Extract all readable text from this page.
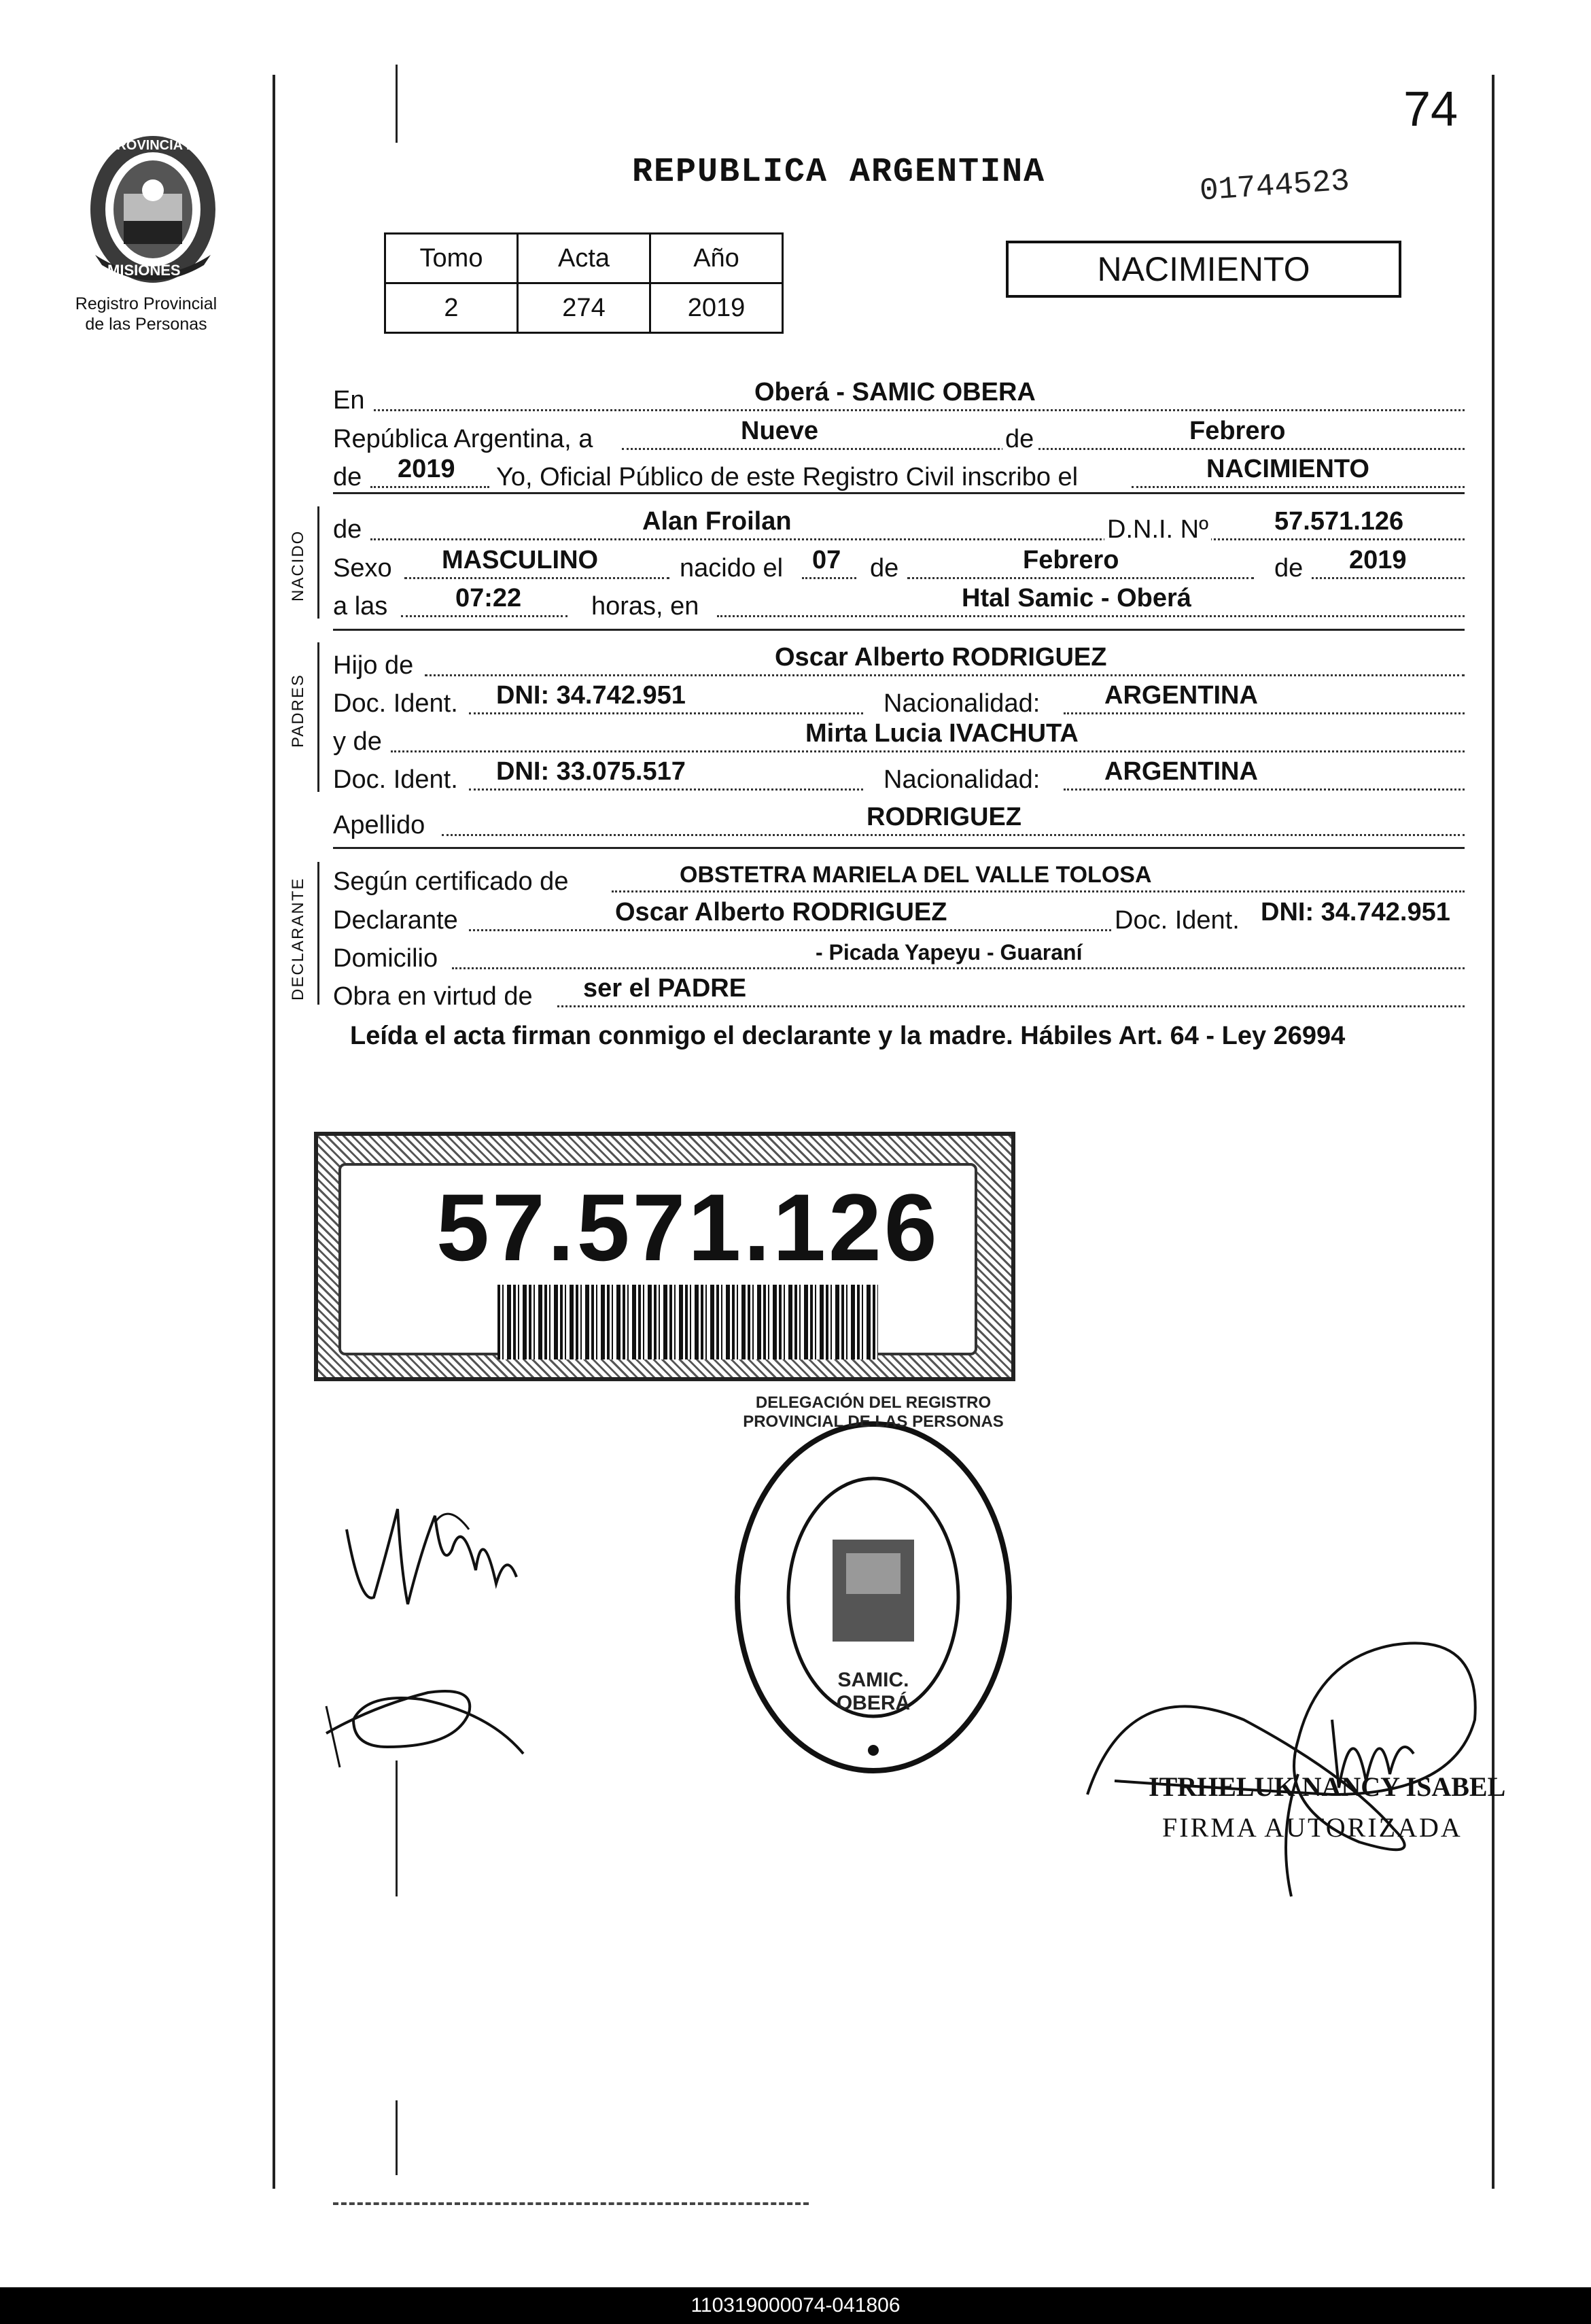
74
REPUBLICA ARGENTINA	01744523
PROVINCIA DE
MISIONES
Registro Provincial
de las Personas
Tomo	Acta	Año
2	274	2019
NACIMIENTO
En	Oberá - SAMIC OBERA
República Argentina, a	Nueve	de	Febrero
de 2019 Yo, Oficial Público de este Registro Civil inscribo el	NACIMIENTO
NACIDO
de	Alan Froilan	D.N.I. Nº	57.571.126
Sexo MASCULINO	nacido el 07 de	Febrero	de 2019
a las	07:22	horas, en	Htal Samic - Oberá
PADRES
Hijo de	Oscar Alberto RODRIGUEZ
Doc. Ident. DNI: 34.742.951	Nacionalidad: ARGENTINA
y de	Mirta Lucia IVACHUTA
Doc. Ident. DNI: 33.075.517	Nacionalidad: ARGENTINA
Apellido	RODRIGUEZ
DECLARANTE Según certificado de	OBSTETRA MARIELA DEL VALLE TOLOSA
Declarante	Oscar Alberto RODRIGUEZ	Doc. Ident. DNI: 34.742.951
Domicilio	- Picada Yapeyu - Guaraní
Obra en virtud de ser el PADRE
Leída el acta firman conmigo el declarante y la madre. Hábiles Art. 64 - Ley 26994
57.571.126
DELEGACIÓN DEL REGISTRO PROVINCIAL DE LAS PERSONAS
SAMIC. OBERÁ
ITRHELUK NANCY ISABEL
FIRMA AUTORIZADA
110319000074-041806
